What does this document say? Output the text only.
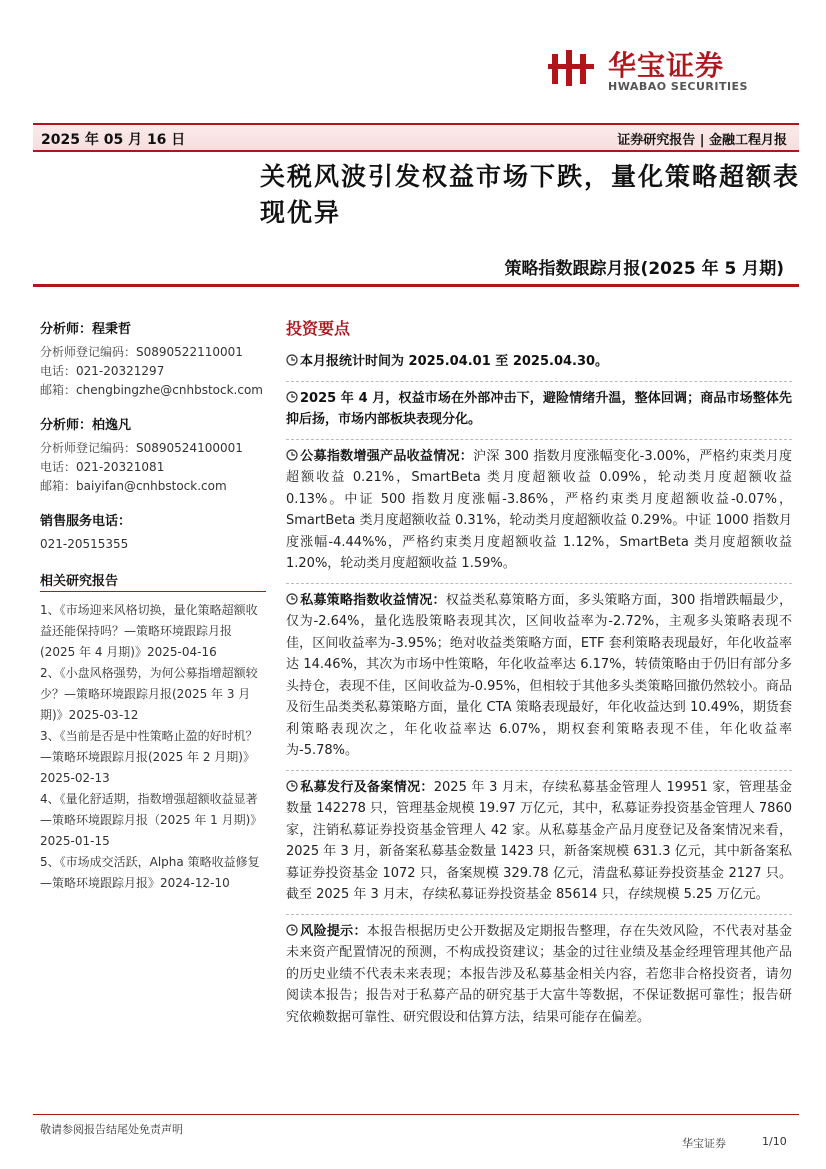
华宝证券
HWABAO SECURITIES
2025 年 05 月 16 日	证券研究报告 | 金融工程月报
关税风波引发权益市场下跌，量化策略超额表现优异
策略指数跟踪月报(2025 年 5 月期)
分析师：程秉哲
分析师登记编码：S0890522110001
电话：021-20321297
邮箱：chengbingzhe@cnhbstock.com
分析师：柏逸凡
分析师登记编码：S0890524100001
电话：021-20321081
邮箱：baiyifan@cnhbstock.com
销售服务电话：
021-20515355
相关研究报告
1、《市场迎来风格切换，量化策略超额收益还能保持吗？—策略环境跟踪月报(2025 年 4 月期)》2025-04-16
2、《小盘风格强势，为何公募指增超额较少？—策略环境跟踪月报(2025 年 3 月期)》2025-03-12
3、《当前是否是中性策略止盈的好时机？—策略环境跟踪月报(2025 年 2 月期)》2025-02-13
4、《量化舒适期，指数增强超额收益显著—策略环境跟踪月报（2025 年 1 月期)》2025-01-15
5、《市场成交活跃，Alpha 策略收益修复—策略环境跟踪月报》2024-12-10
投资要点
本月报统计时间为 2025.04.01 至 2025.04.30。
2025 年 4 月，权益市场在外部冲击下，避险情绪升温，整体回调；商品市场整体先抑后扬，市场内部板块表现分化。
公募指数增强产品收益情况：沪深 300 指数月度涨幅变化-3.00%，严格约束类月度超额收益 0.21%，SmartBeta 类月度超额收益 0.09%，轮动类月度超额收益 0.13%。中证 500 指数月度涨幅-3.86%，严格约束类月度超额收益-0.07%，SmartBeta 类月度超额收益 0.31%，轮动类月度超额收益 0.29%。中证 1000 指数月度涨幅-4.44%%，严格约束类月度超额收益 1.12%，SmartBeta 类月度超额收益 1.20%，轮动类月度超额收益 1.59%。
私募策略指数收益情况：权益类私募策略方面，多头策略方面，300 指增跌幅最少，仅为-2.64%，量化选股策略表现其次，区间收益率为-2.72%，主观多头策略表现不佳，区间收益率为-3.95%；绝对收益类策略方面，ETF 套利策略表现最好，年化收益率达 14.46%，其次为市场中性策略，年化收益率达 6.17%，转债策略由于仍旧有部分多头持仓，表现不佳，区间收益为-0.95%，但相较于其他多头类策略回撤仍然较小。商品及衍生品类类私募策略方面，量化 CTA 策略表现最好，年化收益达到 10.49%，期货套利策略表现次之，年化收益率达 6.07%，期权套利策略表现不佳，年化收益率为-5.78%。
私募发行及备案情况：2025 年 3 月末，存续私募基金管理人 19951 家，管理基金数量 142278 只，管理基金规模 19.97 万亿元，其中，私募证券投资基金管理人 7860 家，注销私募证券投资基金管理人 42 家。从私募基金产品月度登记及备案情况来看，2025 年 3 月，新备案私募基金数量 1423 只，新备案规模 631.3 亿元，其中新备案私募证券投资基金 1072 只，备案规模 329.78 亿元，清盘私募证券投资基金 2127 只。截至 2025 年 3 月末，存续私募证券投资基金 85614 只，存续规模 5.25 万亿元。
风险提示：本报告根据历史公开数据及定期报告整理，存在失效风险，不代表对基金未来资产配置情况的预测，不构成投资建议；基金的过往业绩及基金经理管理其他产品的历史业绩不代表未来表现；本报告涉及私募基金相关内容，若您非合格投资者，请勿阅读本报告；报告对于私募产品的研究基于大富牛等数据，不保证数据可靠性；报告研究依赖数据可靠性、研究假设和估算方法，结果可能存在偏差。
敬请参阅报告结尾处免责声明
华宝证券	1/10
